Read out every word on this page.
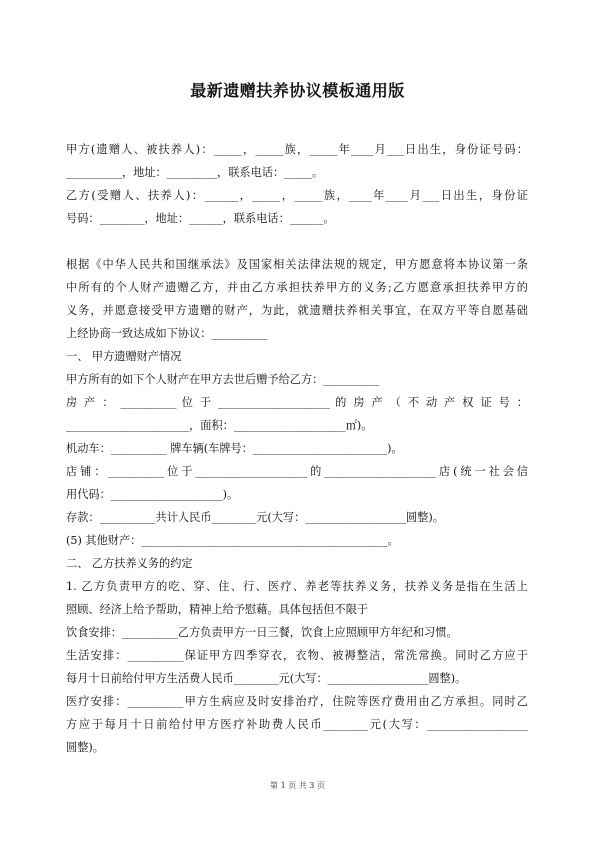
最新遗赠扶养协议模板通用版

甲方(遗赠人、被扶养人)：_____，_____族，_____年____月___日出生，身份证号码：

__________，地址：_________，联系电话：_____。

乙方(受赠人、扶养人)：______，_____，_____族，____年____月___日出生，身份证

号码：________，地址：______，联系电话：______。

根据《中华人民共和国继承法》及国家相关法律法规的规定，甲方愿意将本协议第一条

中所有的个人财产遗赠乙方，并由乙方承担扶养甲方的义务;乙方愿意承担扶养甲方的

义务，并愿意接受甲方遗赠的财产，为此，就遗赠扶养相关事宜，在双方平等自愿基础

上经协商一致达成如下协议：__________

一、 甲方遗赠财产情况

甲方所有的如下个人财产在甲方去世后赠予给乙方：__________

房 产 ： __________ 位 于 ____________________ 的 房 产 （ 不 动 产 权 证 号 ：

______________________，面积：____________________㎡)。

机动车：__________ 牌车辆(车牌号：________________________)。

店铺：__________位于____________________的____________________店(统一社会信

用代码：____________________)。

存款：__________共计人民币________元(大写：__________________圆整)。

(5) 其他财产：____________________________________________。

二、 乙方扶养义务的约定

1. 乙方负责甲方的吃、穿、住、行、医疗、养老等扶养义务，扶养义务是指在生活上

照顾、经济上给予帮助，精神上给予慰藉。具体包括但不限于

饮食安排：__________乙方负责甲方一日三餐，饮食上应照顾甲方年纪和习惯。

生活安排：__________保证甲方四季穿衣，衣物、被褥整洁，常洗常换。同时乙方应于

每月十日前给付甲方生活费人民币________元(大写：__________________圆整)。

医疗安排：__________甲方生病应及时安排治疗，住院等医疗费用由乙方承担。同时乙

方应于每月十日前给付甲方医疗补助费人民币________元(大写：__________________

圆整)。

第 1 页 共 3 页
